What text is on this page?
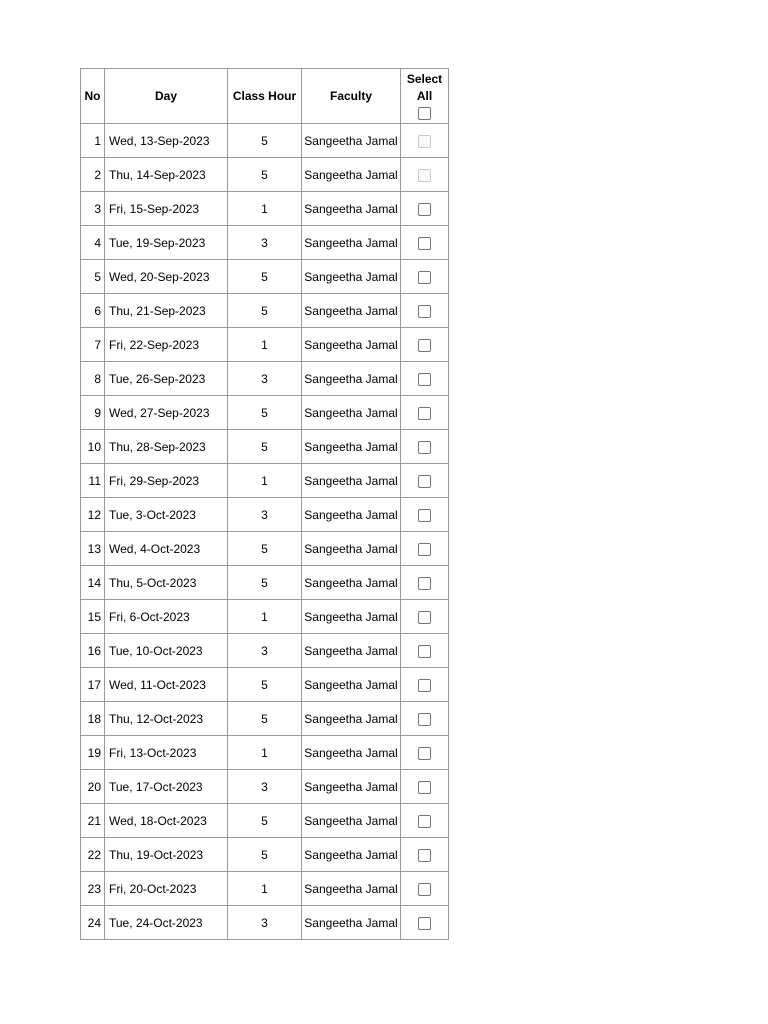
No	Day	Class Hour	Faculty	Select
All

1	Wed, 13-Sep-2023	5	Sangeetha Jamal	
2	Thu, 14-Sep-2023	5	Sangeetha Jamal	
3	Fri, 15-Sep-2023	1	Sangeetha Jamal	
4	Tue, 19-Sep-2023	3	Sangeetha Jamal	
5	Wed, 20-Sep-2023	5	Sangeetha Jamal	
6	Thu, 21-Sep-2023	5	Sangeetha Jamal	
7	Fri, 22-Sep-2023	1	Sangeetha Jamal	
8	Tue, 26-Sep-2023	3	Sangeetha Jamal	
9	Wed, 27-Sep-2023	5	Sangeetha Jamal	
10	Thu, 28-Sep-2023	5	Sangeetha Jamal	
11	Fri, 29-Sep-2023	1	Sangeetha Jamal	
12	Tue, 3-Oct-2023	3	Sangeetha Jamal	
13	Wed, 4-Oct-2023	5	Sangeetha Jamal	
14	Thu, 5-Oct-2023	5	Sangeetha Jamal	
15	Fri, 6-Oct-2023	1	Sangeetha Jamal	
16	Tue, 10-Oct-2023	3	Sangeetha Jamal	
17	Wed, 11-Oct-2023	5	Sangeetha Jamal	
18	Thu, 12-Oct-2023	5	Sangeetha Jamal	
19	Fri, 13-Oct-2023	1	Sangeetha Jamal	
20	Tue, 17-Oct-2023	3	Sangeetha Jamal	
21	Wed, 18-Oct-2023	5	Sangeetha Jamal	
22	Thu, 19-Oct-2023	5	Sangeetha Jamal	
23	Fri, 20-Oct-2023	1	Sangeetha Jamal	
24	Tue, 24-Oct-2023	3	Sangeetha Jamal	
